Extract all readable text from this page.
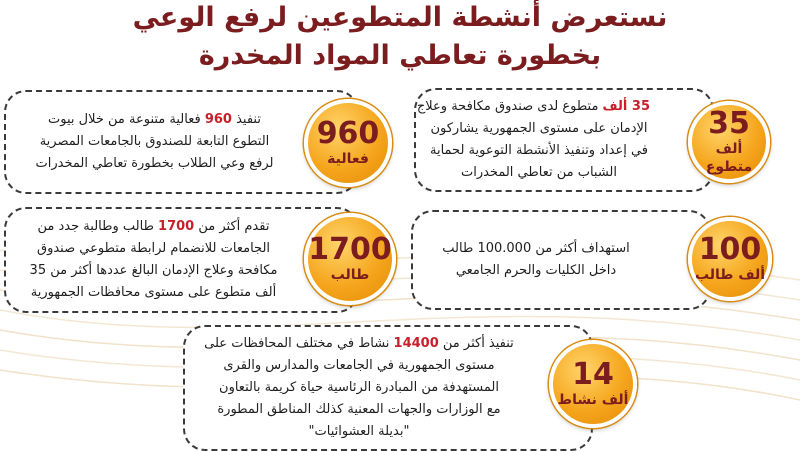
نستعرض أنشطة المتطوعين لرفع الوعي
بخطورة تعاطي المواد المخدرة
35 ألف متطوع لدى صندوق مكافحة وعلاج
الإدمان على مستوى الجمهورية يشاركون
في إعداد وتنفيذ الأنشطة التوعوية لحماية
الشباب من تعاطي المخدرات
35
ألف متطوع
تنفيذ 960 فعالية متنوعة من خلال بيوت
التطوع التابعة للصندوق بالجامعات المصرية
لرفع وعي الطلاب بخطورة تعاطي المخدرات
960
فعالية
استهداف أكثر من 100.000 طالب
داخل الكليات والحرم الجامعي
100
ألف طالب
تقدم أكثر من 1700 طالب وطالبة جدد من
الجامعات للانضمام لرابطة متطوعي صندوق
مكافحة وعلاج الإدمان البالغ عددها أكثر من 35
ألف متطوع على مستوى محافظات الجمهورية
1700
طالب
تنفيذ أكثر من 14400 نشاط في مختلف المحافظات على
مستوى الجمهورية في الجامعات والمدارس والقرى
المستهدفة من المبادرة الرئاسية حياة كريمة بالتعاون
مع الوزارات والجهات المعنية كذلك المناطق المطورة
"بديلة العشوائيات"
14
ألف نشاط
